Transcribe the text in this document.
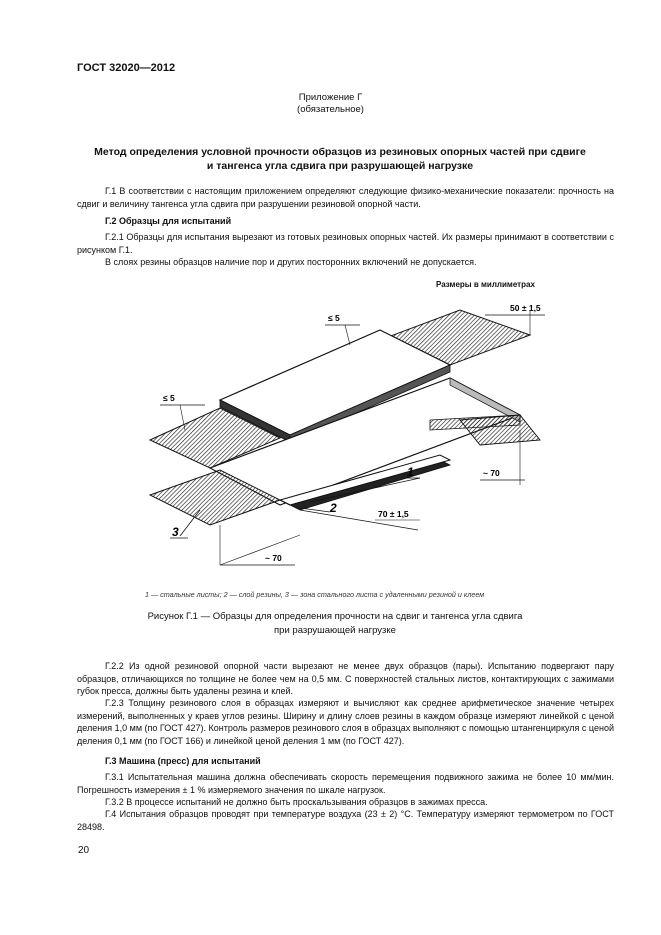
ГОСТ 32020—2012
Приложение Г
(обязательное)
Метод определения условной прочности образцов из резиновых опорных частей при сдвиге
и тангенса угла сдвига при разрушающей нагрузке
Г.1 В соответствии с настоящим приложением определяют следующие физико-механические показатели: прочность на сдвиг и величину тангенса угла сдвига при разрушении резиновой опорной части.
Г.2 Образцы для испытаний
Г.2.1 Образцы для испытания вырезают из готовых резиновых опорных частей. Их размеры принимают в соответствии с рисунком Г.1.
В слоях резины образцов наличие пор и других посторонних включений не допускается.
Размеры в миллиметрах
50 ± 1,5
≤ 5
≤ 5
~ 70
70 ± 1,5
~ 70
1
2
3
1 — стальные листы; 2 — слой резины, 3 — зона стального листа с удаленными резиной и клеем
Рисунок Г.1 — Образцы для определения прочности на сдвиг и тангенса угла сдвига
при разрушающей нагрузке
Г.2.2 Из одной резиновой опорной части вырезают не менее двух образцов (пары). Испытанию подвергают пару образцов, отличающихся по толщине не более чем на 0,5 мм. С поверхностей стальных листов, контактирующих с зажимами губок пресса, должны быть удалены резина и клей.
Г.2.3 Толщину резинового слоя в образцах измеряют и вычисляют как среднее арифметическое значение четырех измерений, выполненных у краев углов резины. Ширину и длину слоев резины в каждом образце измеряют линейкой с ценой деления 1,0 мм (по ГОСТ 427). Контроль размеров резинового слоя в образцах выполняют с помощью штангенциркуля с ценой деления 0,1 мм (по ГОСТ 166) и линейкой ценой деления 1 мм (по ГОСТ 427).
Г.3 Машина (пресс) для испытаний
Г.3.1 Испытательная машина должна обеспечивать скорость перемещения подвижного зажима не более 10 мм/мин. Погрешность измерения ± 1 % измеряемого значения по шкале нагрузок.
Г.3.2 В процессе испытаний не должно быть проскальзывания образцов в зажимах пресса.
Г.4 Испытания образцов проводят при температуре воздуха (23 ± 2) °С. Температуру измеряют термометром по ГОСТ 28498.
20
